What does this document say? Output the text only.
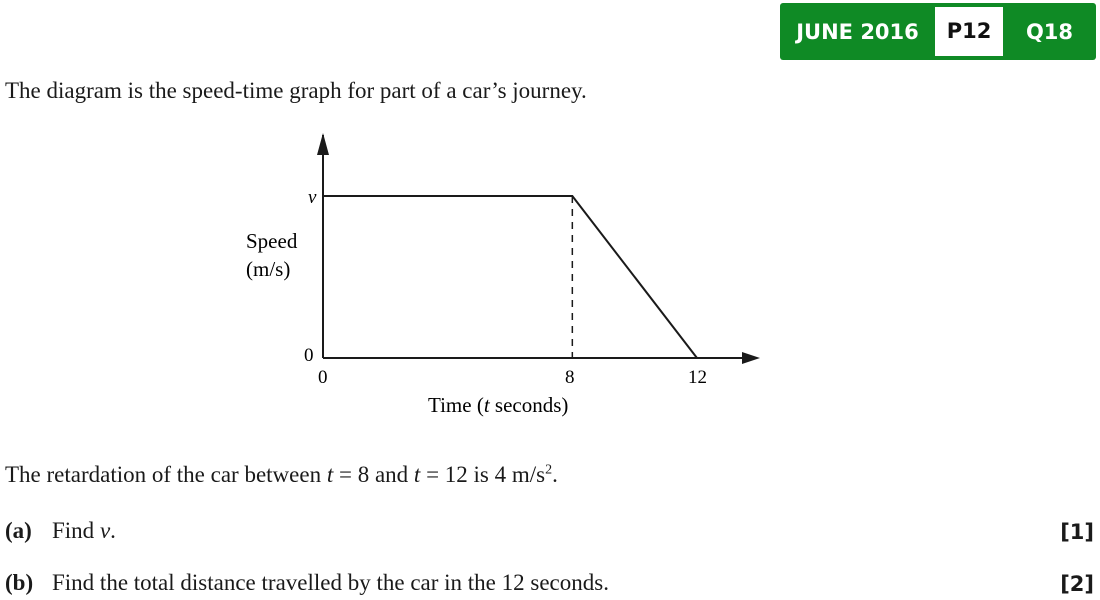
JUNE 2016	P12	Q18
The diagram is the speed-time graph for part of a car’s journey.
v
Speed
(m/s)
0
0	8	12
Time (t seconds)
The retardation of the car between t = 8 and t = 12 is 4 $m/s^2$.
(a) Find v.	[1]
(b) Find the total distance travelled by the car in the 12 seconds.	[2]
